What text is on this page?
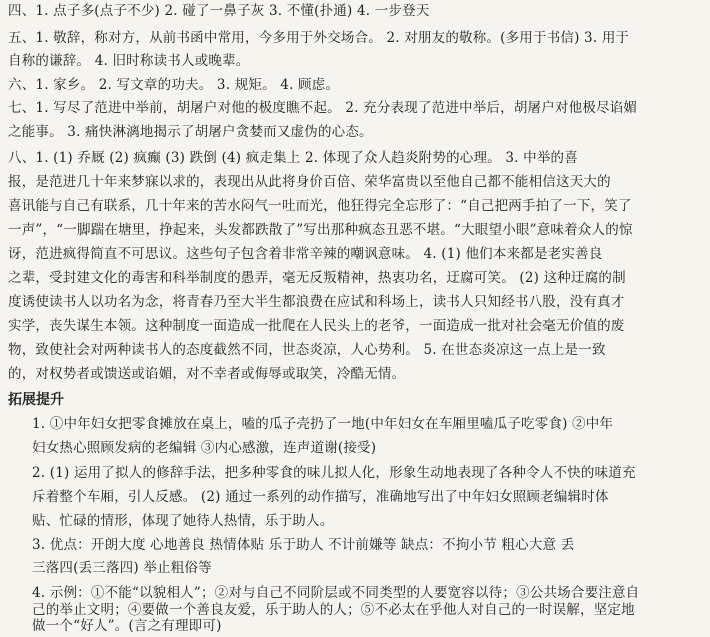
四、1. 点子多(点子不少) 2. 碰了一鼻子灰 3. 不懂(扑通) 4. 一步登天
五、1. 敬辞，称对方，从前书函中常用，今多用于外交场合。 2. 对朋友的敬称。(多用于书信) 3. 用于
自称的谦辞。 4. 旧时称读书人或晚辈。
六、1. 家乡。 2. 写文章的功夫。 3. 规矩。 4. 顾虑。
七、1. 写尽了范进中举前，胡屠户对他的极度瞧不起。 2. 充分表现了范进中举后，胡屠户对他极尽谄媚
之能事。 3. 痛快淋漓地揭示了胡屠户贪婪而又虚伪的心态。
八、1. (1) 乔厩 (2) 疯癫 (3) 跌倒 (4) 疯走集上 2. 体现了众人趋炎附势的心理。 3. 中举的喜
报，是范进几十年来梦寐以求的，表现出从此将身价百倍、荣华富贵以至他自己都不能相信这天大的
喜讯能与自己有联系，几十年来的苦水闷气一吐而光，他狂得完全忘形了：“自己把两手拍了一下，笑了
一声”，“一脚踹在塘里，挣起来，头发都跌散了”写出那种疯态丑恶不堪。“大眼望小眼”意味着众人的惊
讶，范进疯得简直不可思议。这些句子包含着非常辛辣的嘲讽意味。 4. (1) 他们本来都是老实善良
之辈，受封建文化的毒害和科举制度的愚弄，毫无反叛精神，热衷功名，迂腐可笑。 (2) 这种迂腐的制
度诱使读书人以功名为念，将青春乃至大半生都浪费在应试和科场上，读书人只知经书八股，没有真才
实学，丧失谋生本领。这种制度一面造成一批爬在人民头上的老爷，一面造成一批对社会毫无价值的废
物，致使社会对两种读书人的态度截然不同，世态炎凉，人心势利。 5. 在世态炎凉这一点上是一致
的，对权势者或馈送或谄媚，对不幸者或侮辱或取笑，冷酷无情。
拓展提升
1. ①中年妇女把零食摊放在桌上，嗑的瓜子壳扔了一地(中年妇女在车厢里嗑瓜子吃零食) ②中年
妇女热心照顾发病的老编辑 ③内心感激，连声道谢(接受)
2. (1) 运用了拟人的修辞手法，把多种零食的味儿拟人化，形象生动地表现了各种令人不快的味道充
斥着整个车厢，引人反感。 (2) 通过一系列的动作描写，准确地写出了中年妇女照顾老编辑时体
贴、忙碌的情形，体现了她待人热情，乐于助人。
3. 优点：开朗大度 心地善良 热情体贴 乐于助人 不计前嫌等 缺点：不拘小节 粗心大意 丢
三落四(丢三落四) 举止粗俗等
4. 示例：①不能“以貌相人”；②对与自己不同阶层或不同类型的人要宽容以待；③公共场合要注意自
己的举止文明；④要做一个善良友爱，乐于助人的人；⑤不必太在乎他人对自己的一时误解，坚定地
做一个“好人”。(言之有理即可)
